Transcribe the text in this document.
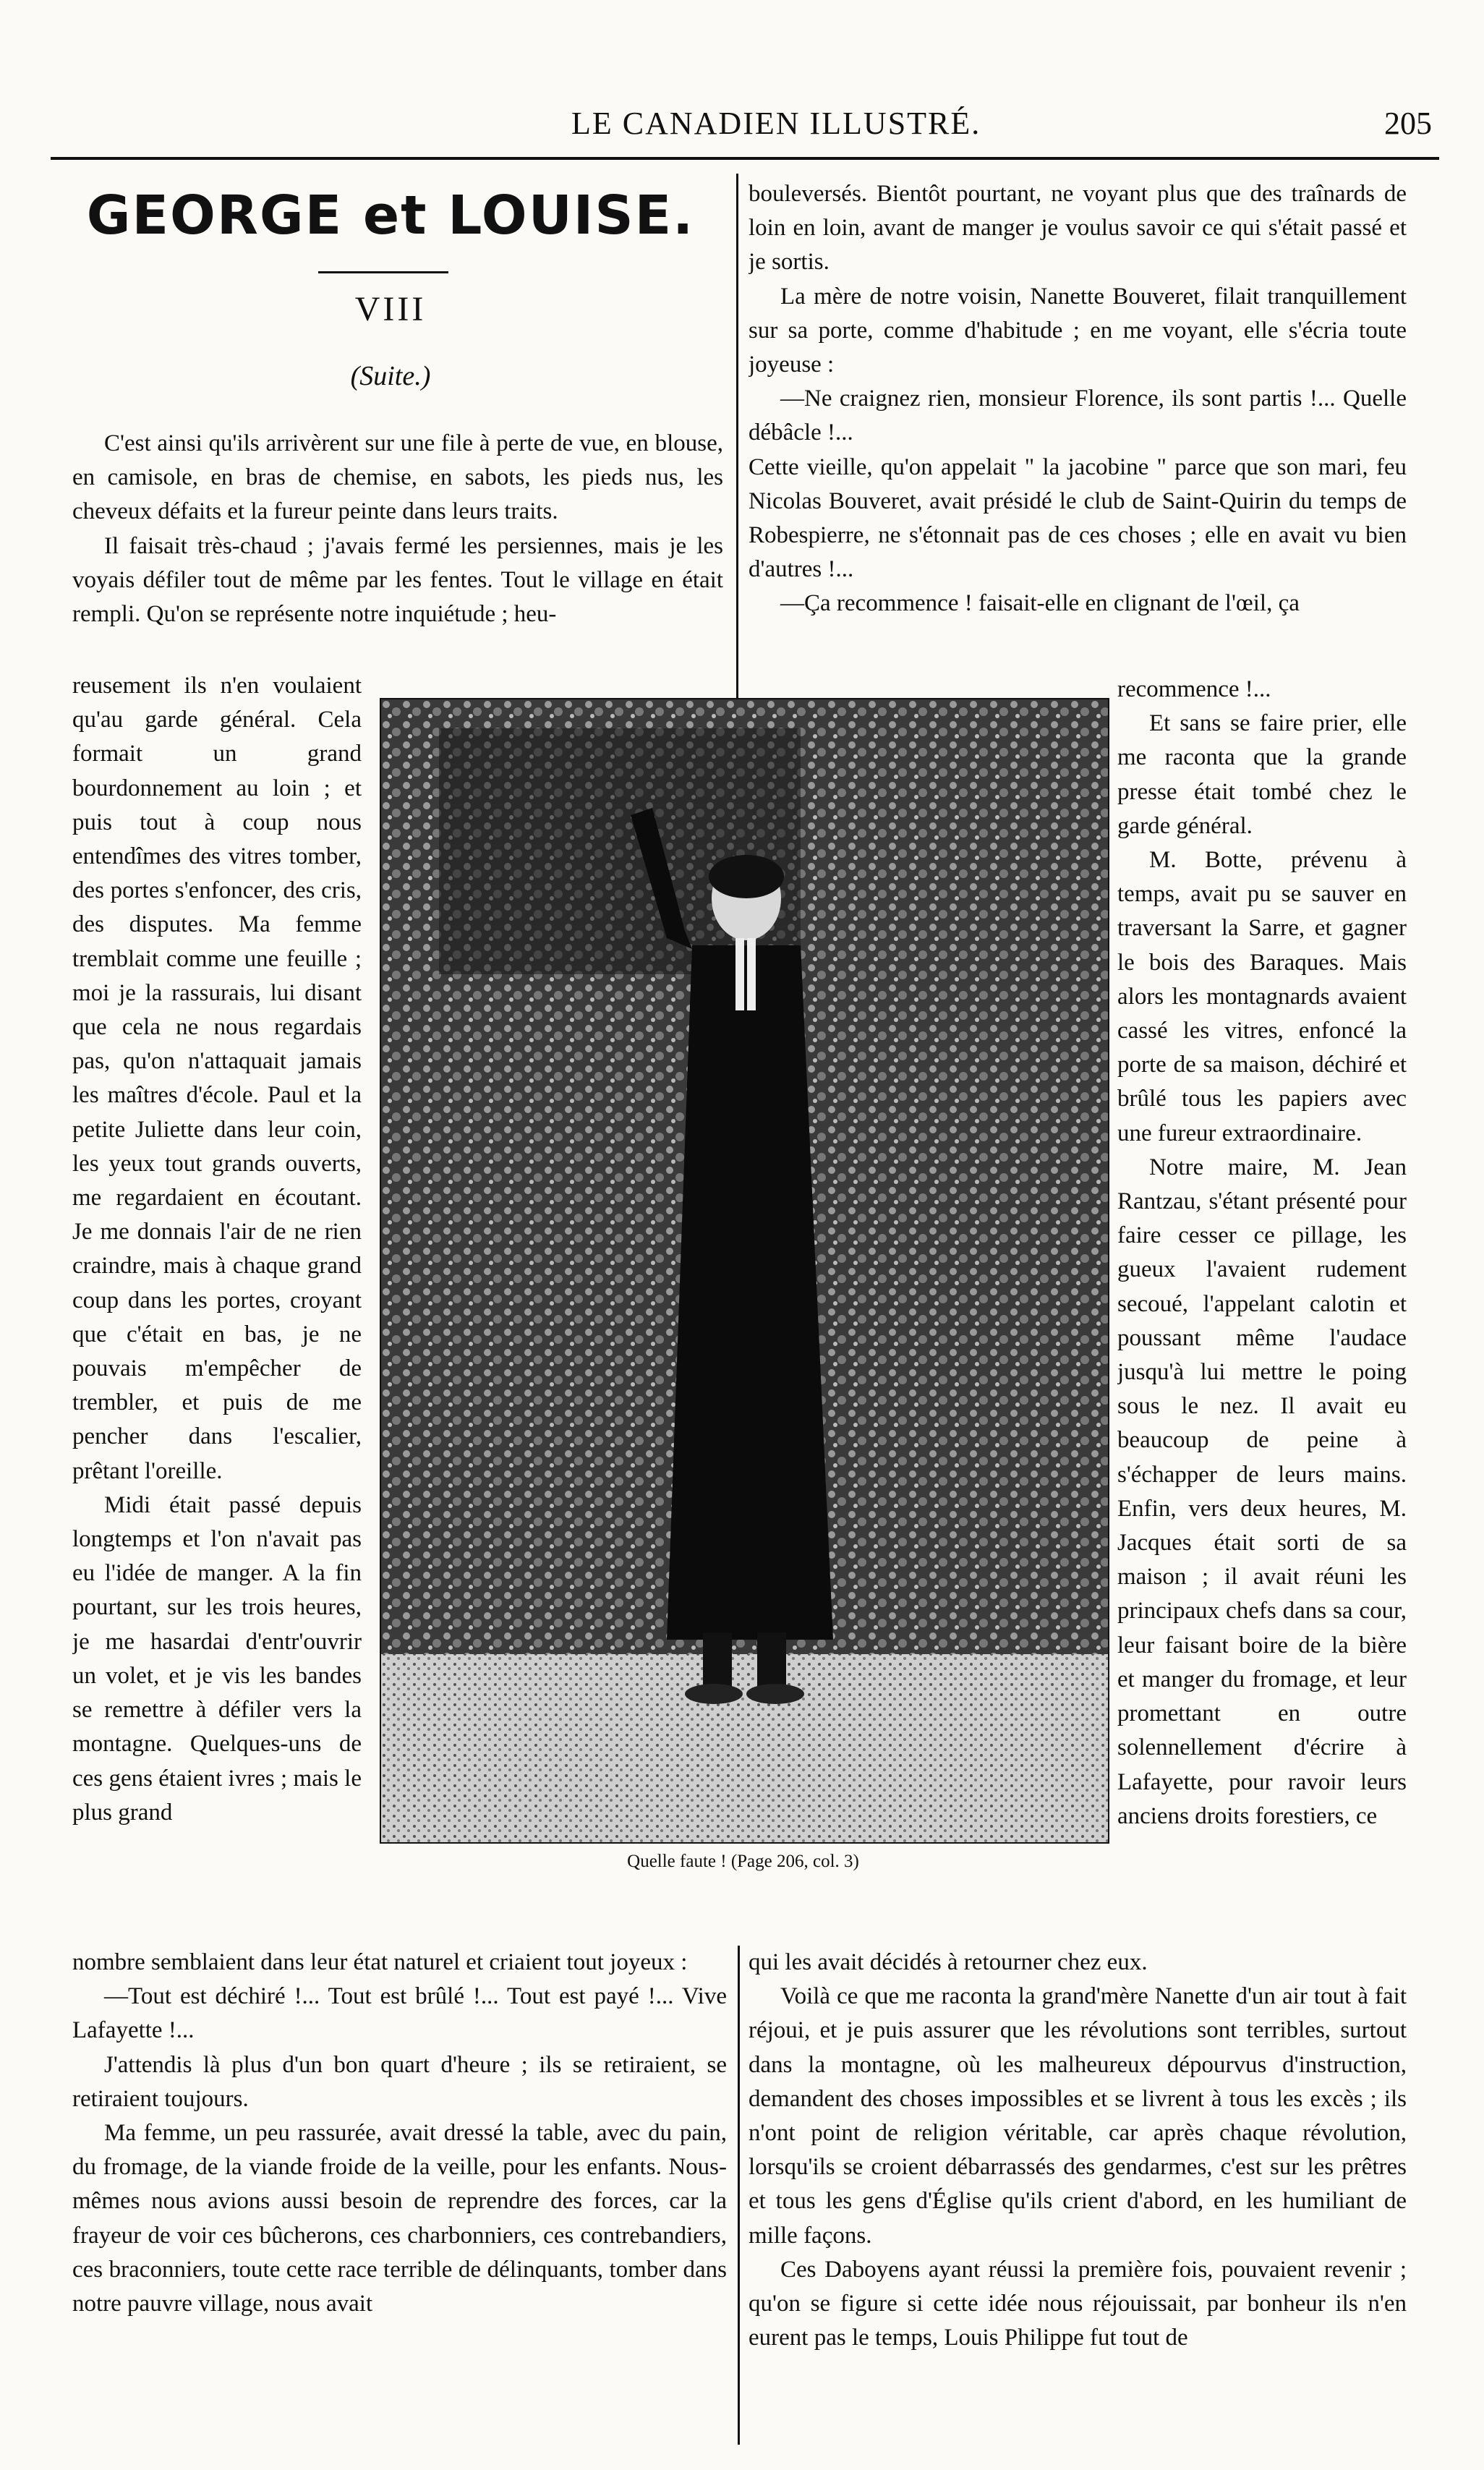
LE CANADIEN ILLUSTRÉ.	205
GEORGE et LOUISE.
VIII
(Suite.)

C'est ainsi qu'ils arrivèrent sur une file à perte de vue, en blouse, en camisole, en bras de chemise, en sabots, les pieds nus, les cheveux défaits et la fureur peinte dans leurs traits.

Il faisait très-chaud ; j'avais fermé les persiennes, mais je les voyais défiler tout de même par les fentes. Tout le village en était rempli. Qu'on se représente notre inquiétude ; heu-

reusement ils n'en voulaient qu'au garde général. Cela formait un grand bourdonnement au loin ; et puis tout à coup nous entendîmes des vitres tomber, des portes s'enfoncer, des cris, des disputes. Ma femme tremblait comme une feuille ; moi je la rassurais, lui disant que cela ne nous regardais pas, qu'on n'attaquait jamais les maîtres d'école. Paul et la petite Juliette dans leur coin, les yeux tout grands ouverts, me regardaient en écoutant. Je me donnais l'air de ne rien craindre, mais à chaque grand coup dans les portes, croyant que c'était en bas, je ne pouvais m'empêcher de trembler, et puis de me pencher dans l'escalier, prêtant l'oreille.

Midi était passé depuis longtemps et l'on n'avait pas eu l'idée de manger. A la fin pourtant, sur les trois heures, je me hasardai d'entr'ouvrir un volet, et je vis les bandes se remettre à défiler vers la montagne. Quelques-uns de ces gens étaient ivres ; mais le plus grand

nombre semblaient dans leur état naturel et criaient tout joyeux :

—Tout est déchiré !... Tout est brûlé !... Tout est payé !... Vive Lafayette !...

J'attendis là plus d'un bon quart d'heure ; ils se retiraient, se retiraient toujours.

Ma femme, un peu rassurée, avait dressé la table, avec du pain, du fromage, de la viande froide de la veille, pour les enfants. Nous-mêmes nous avions aussi besoin de reprendre des forces, car la frayeur de voir ces bûcherons, ces charbonniers, ces contrebandiers, ces braconniers, toute cette race terrible de délinquants, tomber dans notre pauvre village, nous avait

bouleversés. Bientôt pourtant, ne voyant plus que des traînards de loin en loin, avant de manger je voulus savoir ce qui s'était passé et je sortis.

La mère de notre voisin, Nanette Bouveret, filait tranquillement sur sa porte, comme d'habitude ; en me voyant, elle s'écria toute joyeuse :

—Ne craignez rien, monsieur Florence, ils sont partis !... Quelle débâcle !...

Cette vieille, qu'on appelait " la jacobine " parce que son mari, feu Nicolas Bouveret, avait présidé le club de Saint-Quirin du temps de Robespierre, ne s'étonnait pas de ces choses ; elle en avait vu bien d'autres !...

—Ça recommence ! faisait-elle en clignant de l'œil, ça

recommence !...

Et sans se faire prier, elle me raconta que la grande presse était tombé chez le garde général.

M. Botte, prévenu à temps, avait pu se sauver en traversant la Sarre, et gagner le bois des Baraques. Mais alors les montagnards avaient cassé les vitres, enfoncé la porte de sa maison, déchiré et brûlé tous les papiers avec une fureur extraordinaire.

Notre maire, M. Jean Rantzau, s'étant présenté pour faire cesser ce pillage, les gueux l'avaient rudement secoué, l'appelant calotin et poussant même l'audace jusqu'à lui mettre le poing sous le nez. Il avait eu beaucoup de peine à s'échapper de leurs mains. Enfin, vers deux heures, M. Jacques était sorti de sa maison ; il avait réuni les principaux chefs dans sa cour, leur faisant boire de la bière et manger du fromage, et leur promettant en outre solennellement d'écrire à Lafayette, pour ravoir leurs anciens droits forestiers, ce

qui les avait décidés à retourner chez eux.

Voilà ce que me raconta la grand'mère Nanette d'un air tout à fait réjoui, et je puis assurer que les révolutions sont terribles, surtout dans la montagne, où les malheureux dépourvus d'instruction, demandent des choses impossibles et se livrent à tous les excès ; ils n'ont point de religion véritable, car après chaque révolution, lorsqu'ils se croient débarrassés des gendarmes, c'est sur les prêtres et tous les gens d'Église qu'ils crient d'abord, en les humiliant de mille façons.

Ces Daboyens ayant réussi la première fois, pouvaient revenir ; qu'on se figure si cette idée nous réjouissait, par bonheur ils n'en eurent pas le temps, Louis Philippe fut tout de

Quelle faute ! (Page 206, col. 3)
